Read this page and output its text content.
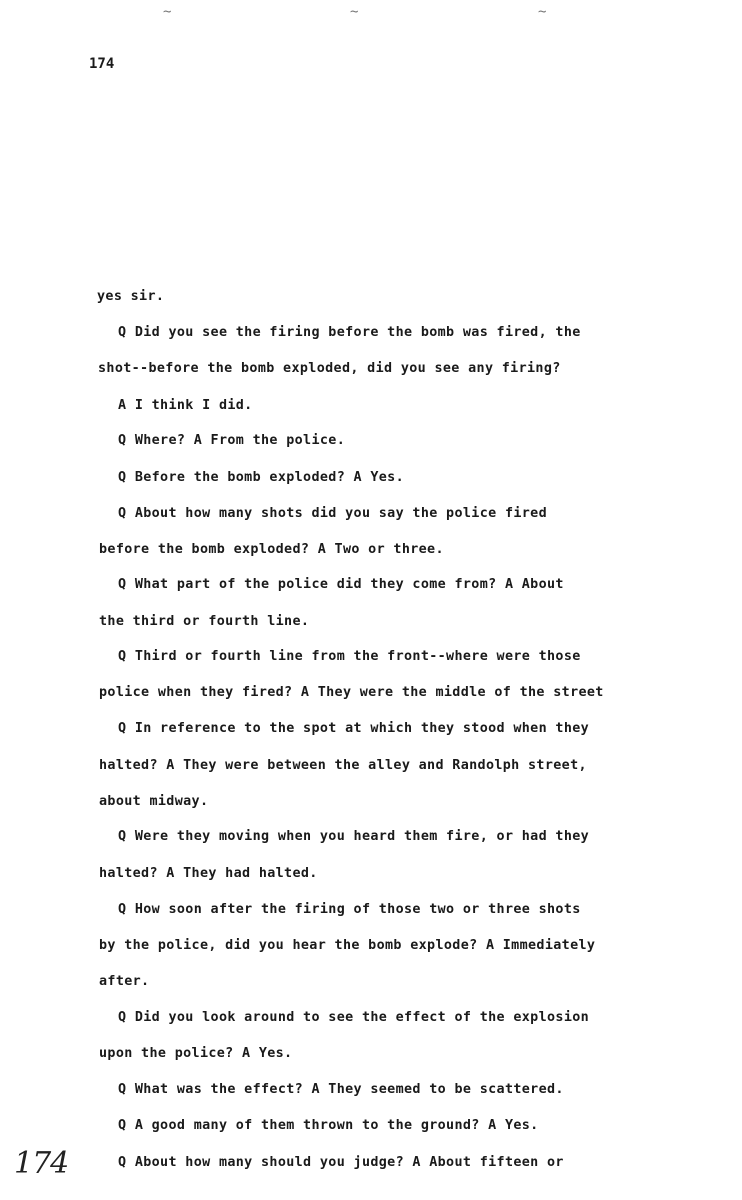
~	~	~
174
yes sir.
Q Did you see the firing before the bomb was fired, the
shot--before the bomb exploded, did you see any firing?
A I think I did.
Q Where? A From the police.
Q Before the bomb exploded? A Yes.
Q About how many shots did you say the police fired
before the bomb exploded? A Two or three.
Q What part of the police did they come from? A About
the third or fourth line.
Q Third or fourth line from the front--where were those
police when they fired? A They were the middle of the street
Q In reference to the spot at which they stood when they
halted? A They were between the alley and Randolph street,
about midway.
Q Were they moving when you heard them fire, or had they
halted? A They had halted.
Q How soon after the firing of those two or three shots
by the police, did you hear the bomb explode? A Immediately
after.
Q Did you look around to see the effect of the explosion
upon the police? A Yes.
Q What was the effect? A They seemed to be scattered.
Q A good many of them thrown to the ground? A Yes.
Q About how many should you judge? A About fifteen or
174
